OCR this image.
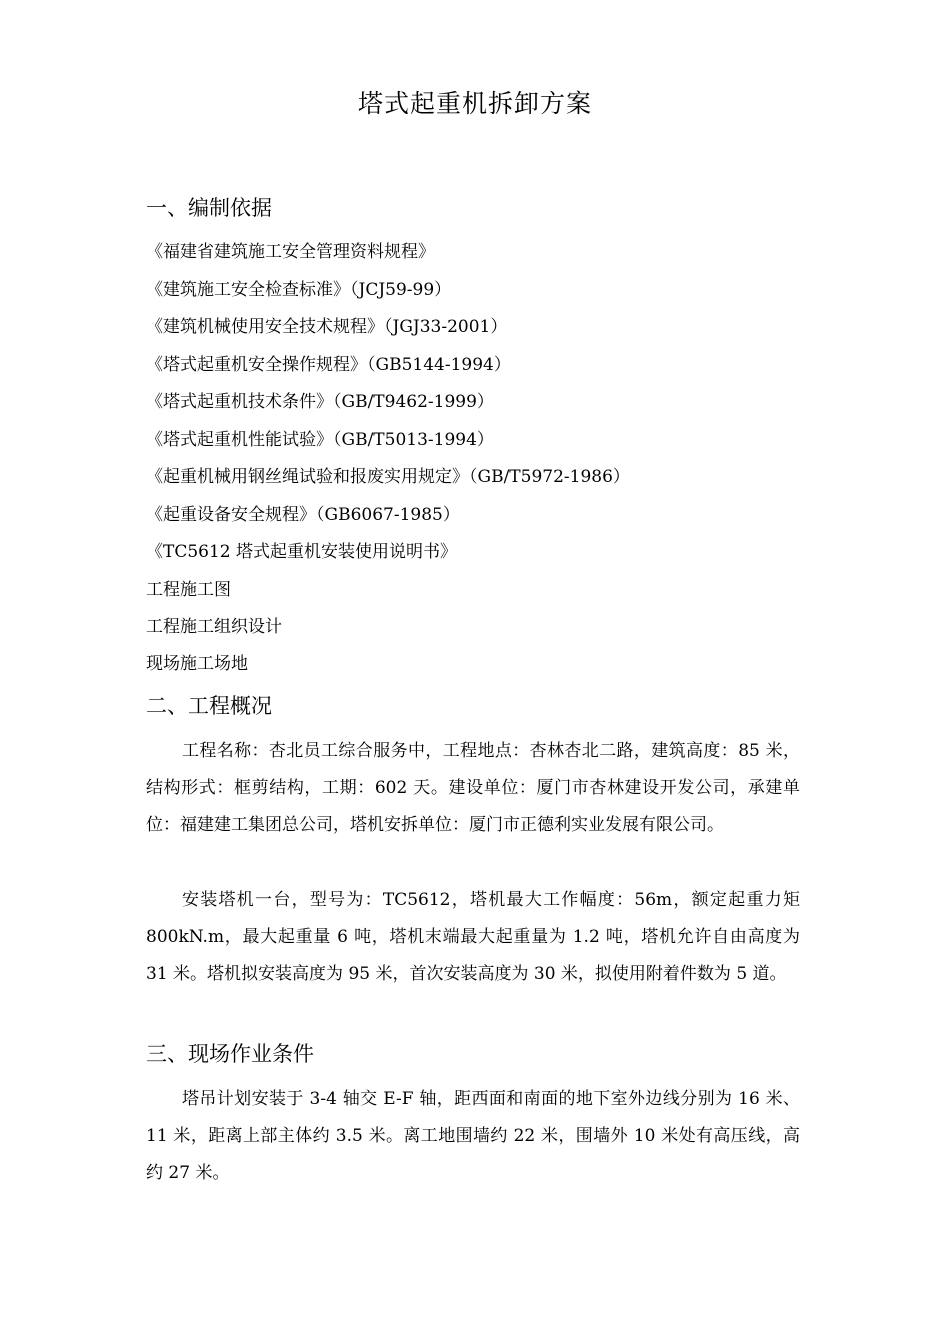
塔式起重机拆卸方案
一、编制依据
《福建省建筑施工安全管理资料规程》
《建筑施工安全检查标准》（JCJ59-99）
《建筑机械使用安全技术规程》（JGJ33-2001）
《塔式起重机安全操作规程》（GB5144-1994）
《塔式起重机技术条件》（GB/T9462-1999）
《塔式起重机性能试验》（GB/T5013-1994）
《起重机械用钢丝绳试验和报废实用规定》（GB/T5972-1986）
《起重设备安全规程》（GB6067-1985）
《TC5612 塔式起重机安装使用说明书》
工程施工图
工程施工组织设计
现场施工场地
二、工程概况
工程名称：杏北员工综合服务中，工程地点：杏林杏北二路，建筑高度：85 米，结构形式：框剪结构，工期：602 天。建设单位：厦门市杏林建设开发公司，承建单位：福建建工集团总公司，塔机安拆单位：厦门市正德利实业发展有限公司。
安装塔机一台，型号为：TC5612，塔机最大工作幅度：56m，额定起重力矩 800kN.m，最大起重量 6 吨，塔机末端最大起重量为 1.2 吨，塔机允许自由高度为 31 米。塔机拟安装高度为 95 米，首次安装高度为 30 米，拟使用附着件数为 5 道。
三、现场作业条件
塔吊计划安装于 3-4 轴交 E-F 轴，距西面和南面的地下室外边线分别为 16 米、11 米，距离上部主体约 3.5 米。离工地围墙约 22 米，围墙外 10 米处有高压线，高约 27 米。
